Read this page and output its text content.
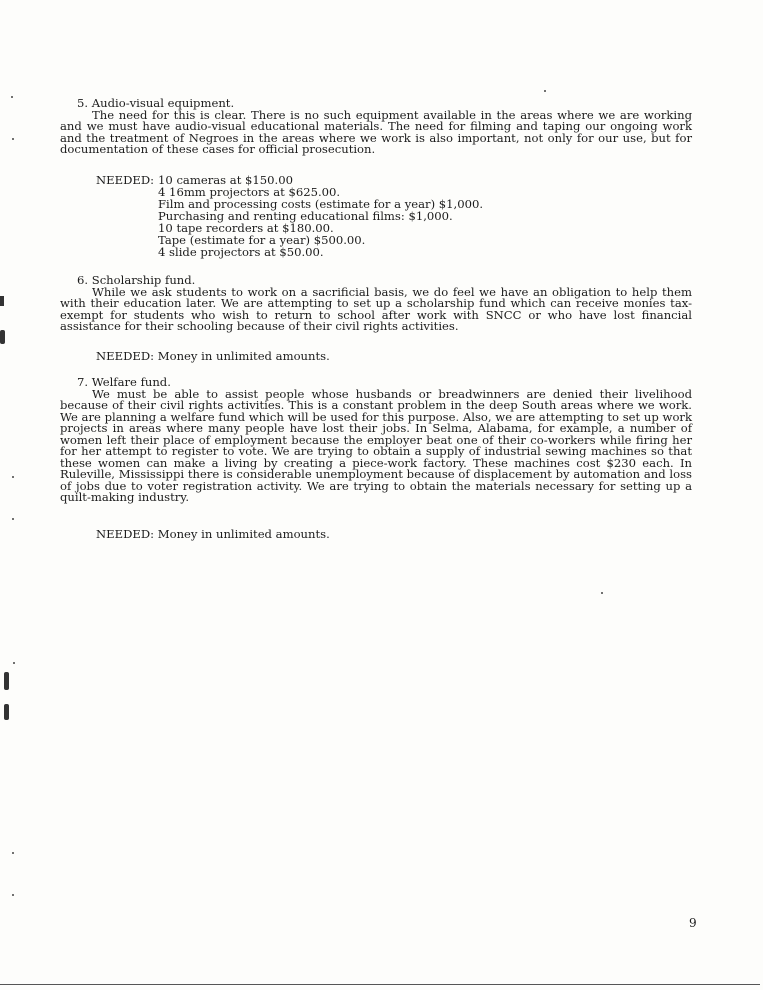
5. Audio-visual equipment.

The need for this is clear. There is no such equipment available in the areas where we are working and we must have audio-visual educational materials. The need for filming and taping our ongoing work and the treatment of Negroes in the areas where we work is also important, not only for our use, but for documentation of these cases for official prosecution.

NEEDED: 10 cameras at $150.00
4 16mm projectors at $625.00.
Film and processing costs (estimate for a year) $1,000.
Purchasing and renting educational films: $1,000.
10 tape recorders at $180.00.
Tape (estimate for a year) $500.00.
4 slide projectors at $50.00.
6. Scholarship fund.

While we ask students to work on a sacrificial basis, we do feel we have an obligation to help them with their education later. We are attempting to set up a scholarship fund which can receive monies tax-exempt for students who wish to return to school after work with SNCC or who have lost financial assistance for their schooling because of their civil rights activities.

NEEDED: Money in unlimited amounts.
7. Welfare fund.

We must be able to assist people whose husbands or breadwinners are denied their livelihood because of their civil rights activities. This is a constant problem in the deep South areas where we work. We are planning a welfare fund which will be used for this purpose. Also, we are attempting to set up work projects in areas where many people have lost their jobs. In Selma, Alabama, for example, a number of women left their place of employment because the employer beat one of their co-workers while firing her for her attempt to register to vote. We are trying to obtain a supply of industrial sewing machines so that these women can make a living by creating a piece-work factory. These machines cost $230 each. In Ruleville, Mississippi there is considerable unemployment because of displacement by automation and loss of jobs due to voter registration activity. We are trying to obtain the materials necessary for setting up a quilt-making industry.

NEEDED: Money in unlimited amounts.
9
